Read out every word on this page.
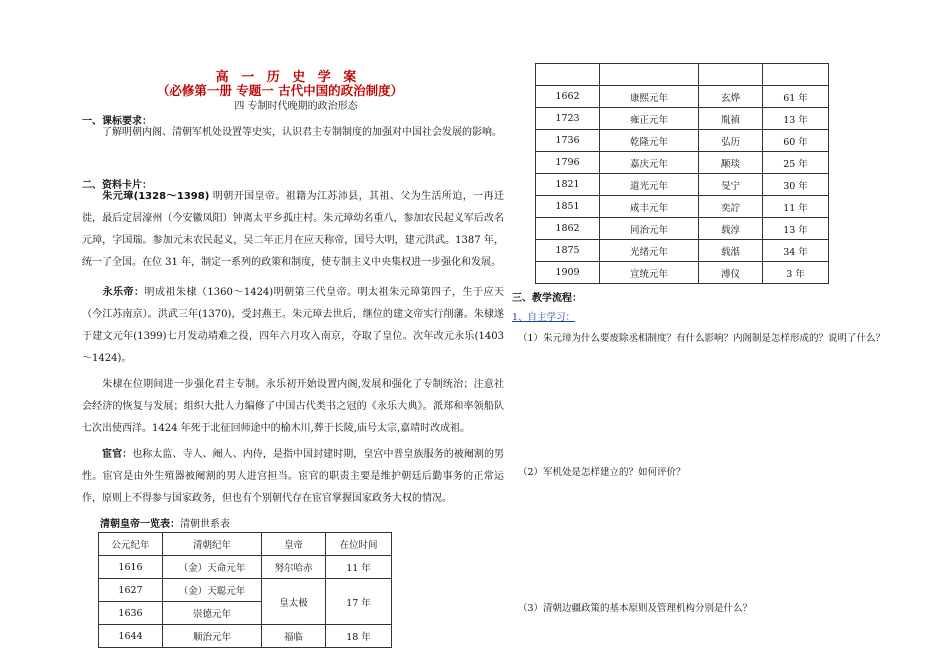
高 一 历 史 学 案
（必修第一册 专题一 古代中国的政治制度）
四 专制时代晚期的政治形态
一、课标要求：
了解明朝内阁、清朝军机处设置等史实，认识君主专制制度的加强对中国社会发展的影响。
二、资料卡片：
朱元璋(1328～1398) 明朝开国皇帝。祖籍为江苏沛县，其祖、父为生活所迫，一再迁徙，最后定居濠州（今安徽凤阳）钟离太平乡孤庄村。朱元璋幼名重八，参加农民起义军后改名元璋，字国瑞。参加元末农民起义，吴二年正月在应天称帝，国号大明，建元洪武。1387 年，统一了全国。在位 31 年，制定一系列的政策和制度，使专制主义中央集权进一步强化和发展。
永乐帝：明成祖朱棣（1360～1424)明朝第三代皇帝。明太祖朱元璋第四子，生于应天（今江苏南京）。洪武三年(1370)，受封燕王。朱元璋去世后，继位的建文帝实行削藩。朱棣遂于建文元年(1399)七月发动靖难之役，四年六月攻入南京，夺取了皇位。次年改元永乐(1403～1424)。
朱棣在位期间进一步强化君主专制。永乐初开始设置内阁,发展和强化了专制统治；注意社会经济的恢复与发展；组织大批人力编修了中国古代类书之冠的《永乐大典》。派郑和率领船队七次出使西洋。1424 年死于北征回师途中的榆木川,葬于长陵,庙号太宗,嘉靖时改成祖。
宦官：也称太监、寺人、阉人、内侍，是指中国封建时期，皇宫中普皇族服务的被阉割的男性。宦官是由外生殖器被阉割的男人进宫担当。宦官的职责主要是维护朝廷后勤事务的正常运作，原则上不得参与国家政务，但也有个别朝代存在宦官掌握国家政务大权的情况。
清朝皇帝一览表：清朝世系表
公元纪年	清朝纪年	皇帝	在位时间
1616	（金）天命元年	努尔哈赤	11 年
1627	（金）天聪元年	皇太极	17 年
1636	崇德元年		
1644	顺治元年	福临	18 年

1662	康熙元年	玄烨	61 年
1723	雍正元年	胤禛	13 年
1736	乾隆元年	弘历	60 年
1796	嘉庆元年	颙琰	25 年
1821	道光元年	旻宁	30 年
1851	咸丰元年	奕詝	11 年
1862	同治元年	载淳	13 年
1875	光绪元年	载湉	34 年
1909	宣统元年	溥仪	3 年
三、教学流程：
1、自主学习：
（1）朱元璋为什么要废除丞相制度？有什么影响？内阁制是怎样形成的？说明了什么？
（2）军机处是怎样建立的？如何评价？
（3）清朝边疆政策的基本原则及管理机构分别是什么？
